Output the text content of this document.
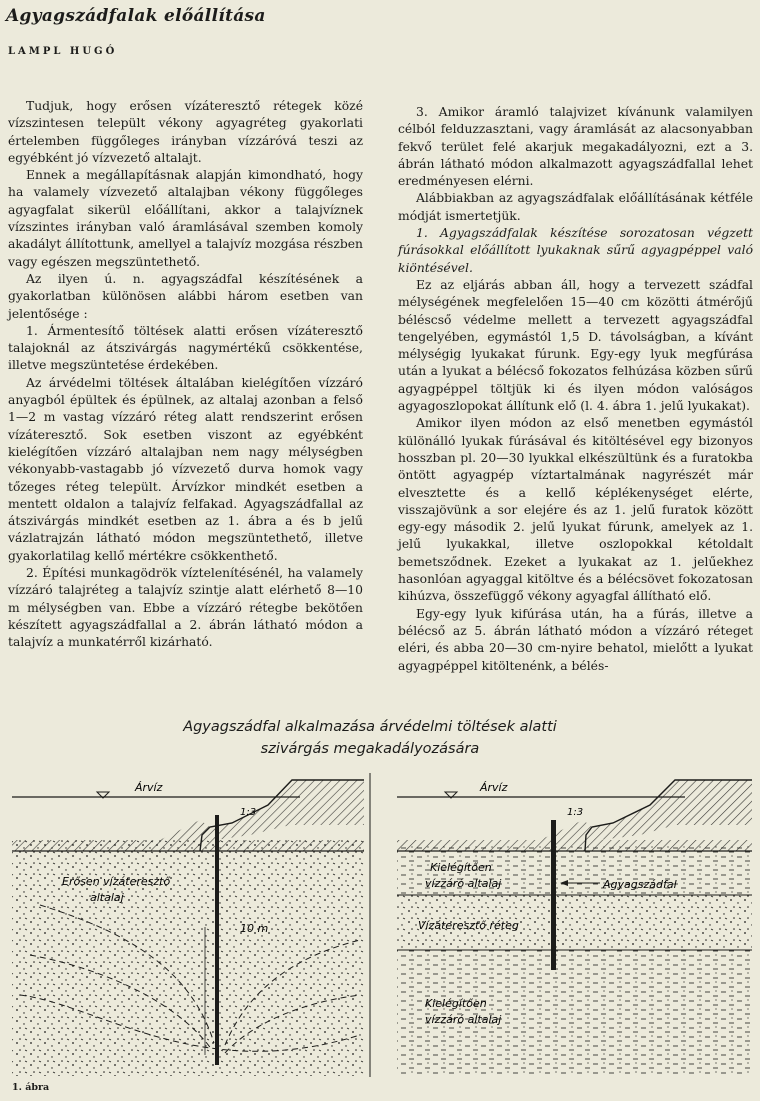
Agyagszádfalak előállítása
LAMPL HUGÓ

Tudjuk, hogy erősen vízáteresztő rétegek közé vízszintesen települt vékony agyagréteg gyakorlati értelemben függőleges irányban vízzáróvá teszi az egyébként jó vízvezető altalajt.

Ennek a megállapításnak alapján kimondható, hogy ha valamely vízvezető altalajban vékony függőleges agyagfalat sikerül előállítani, akkor a talajvíznek vízszintes irányban való áramlásával szemben komoly akadályt állítottunk, amellyel a talajvíz mozgása részben vagy egészen megszüntethető.

Az ilyen ú. n. agyagszádfal készítésének a gyakorlatban különösen alábbi három esetben van jelentősége :

1. Ármentesítő töltések alatti erősen vízáteresztő talajoknál az átszivárgás nagymértékű csökkentése, illetve megszüntetése érdekében.

Az árvédelmi töltések általában kielégítően vízzáró anyagból épültek és épülnek, az altalaj azonban a felső 1—2 m vastag vízzáró réteg alatt rendszerint erősen vízáteresztő. Sok esetben viszont az egyébként kielégítően vízzáró altalajban nem nagy mélységben vékonyabb-vastagabb jó vízvezető durva homok vagy tőzeges réteg települt. Árvízkor mindkét esetben a mentett oldalon a talajvíz felfakad. Agyagszádfallal az átszivárgás mindkét esetben az 1. ábra a és b jelű vázlatrajzán látható módon megszüntethető, illetve gyakorlatilag kellő mértékre csökkenthető.

2. Építési munkagödrök víztelenítésénél, ha valamely vízzáró talajréteg a talajvíz szintje alatt elérhető 8—10 m mélységben van. Ebbe a vízzáró rétegbe bekötően készített agyagszádfallal a 2. ábrán látható módon a talajvíz a munkatérről kizárható.

3. Amikor áramló talajvizet kívánunk valamilyen célból felduzzasztani, vagy áramlását az alacsonyabban fekvő terület felé akarjuk megakadályozni, ezt a 3. ábrán látható módon alkalmazott agyagszádfallal lehet eredményesen elérni.

Alábbiakban az agyagszádfalak előállításának kétféle módját ismertetjük.

1. Agyagszádfalak készítése sorozatosan végzett fúrásokkal előállított lyukaknak sűrű agyagpéppel való kiöntésével.

Ez az eljárás abban áll, hogy a tervezett szádfal mélységének megfelelően 15—40 cm közötti átmérőjű béléscső védelme mellett a tervezett agyagszádfal tengelyében, egymástól 1,5 D. távolságban, a kívánt mélységig lyukakat fúrunk. Egy-egy lyuk megfúrása után a lyukat a bélécső fokozatos felhúzása közben sűrű agyagpéppel töltjük ki és ilyen módon valóságos agyagoszlopokat állítunk elő (l. 4. ábra 1. jelű lyukakat).

Amikor ilyen módon az első menetben egymástól különálló lyukak fúrásával és kitöltésével egy bizonyos hosszban pl. 20—30 lyukkal elkészültünk és a furatokba öntött agyagpép víztartalmának nagyrészét már elvesztette és a kellő képlékenységet elérte, visszajövünk a sor elejére és az 1. jelű furatok között egy-egy második 2. jelű lyukat fúrunk, amelyek az 1. jelű lyukakkal, illetve oszlopokkal kétoldalt bemetsződnek. Ezeket a lyukakat az 1. jelűekhez hasonlóan agyaggal kitöltve és a bélécsövet fokozatosan kihúzva, összefüggő vékony agyagfal állítható elő.

Egy-egy lyuk kifúrása után, ha a fúrás, illetve a bélécső az 5. ábrán látható módon a vízzáró réteget eléri, és abba 20—30 cm-nyire behatol, mielőtt a lyukat agyagpéppel kitöltenénk, a bélés-

Agyagszádfal alkalmazása árvédelmi töltések alatti
szivárgás megakadályozására
Árvíz
1:3
Erősen vízáteresztő
altalaj
10 m
Árvíz
1:3
Kielégítően
vízzáró altalaj	Agyagszádfal
Vízáteresztő réteg
Kielégítően
vízzáró altalaj
1. ábra
